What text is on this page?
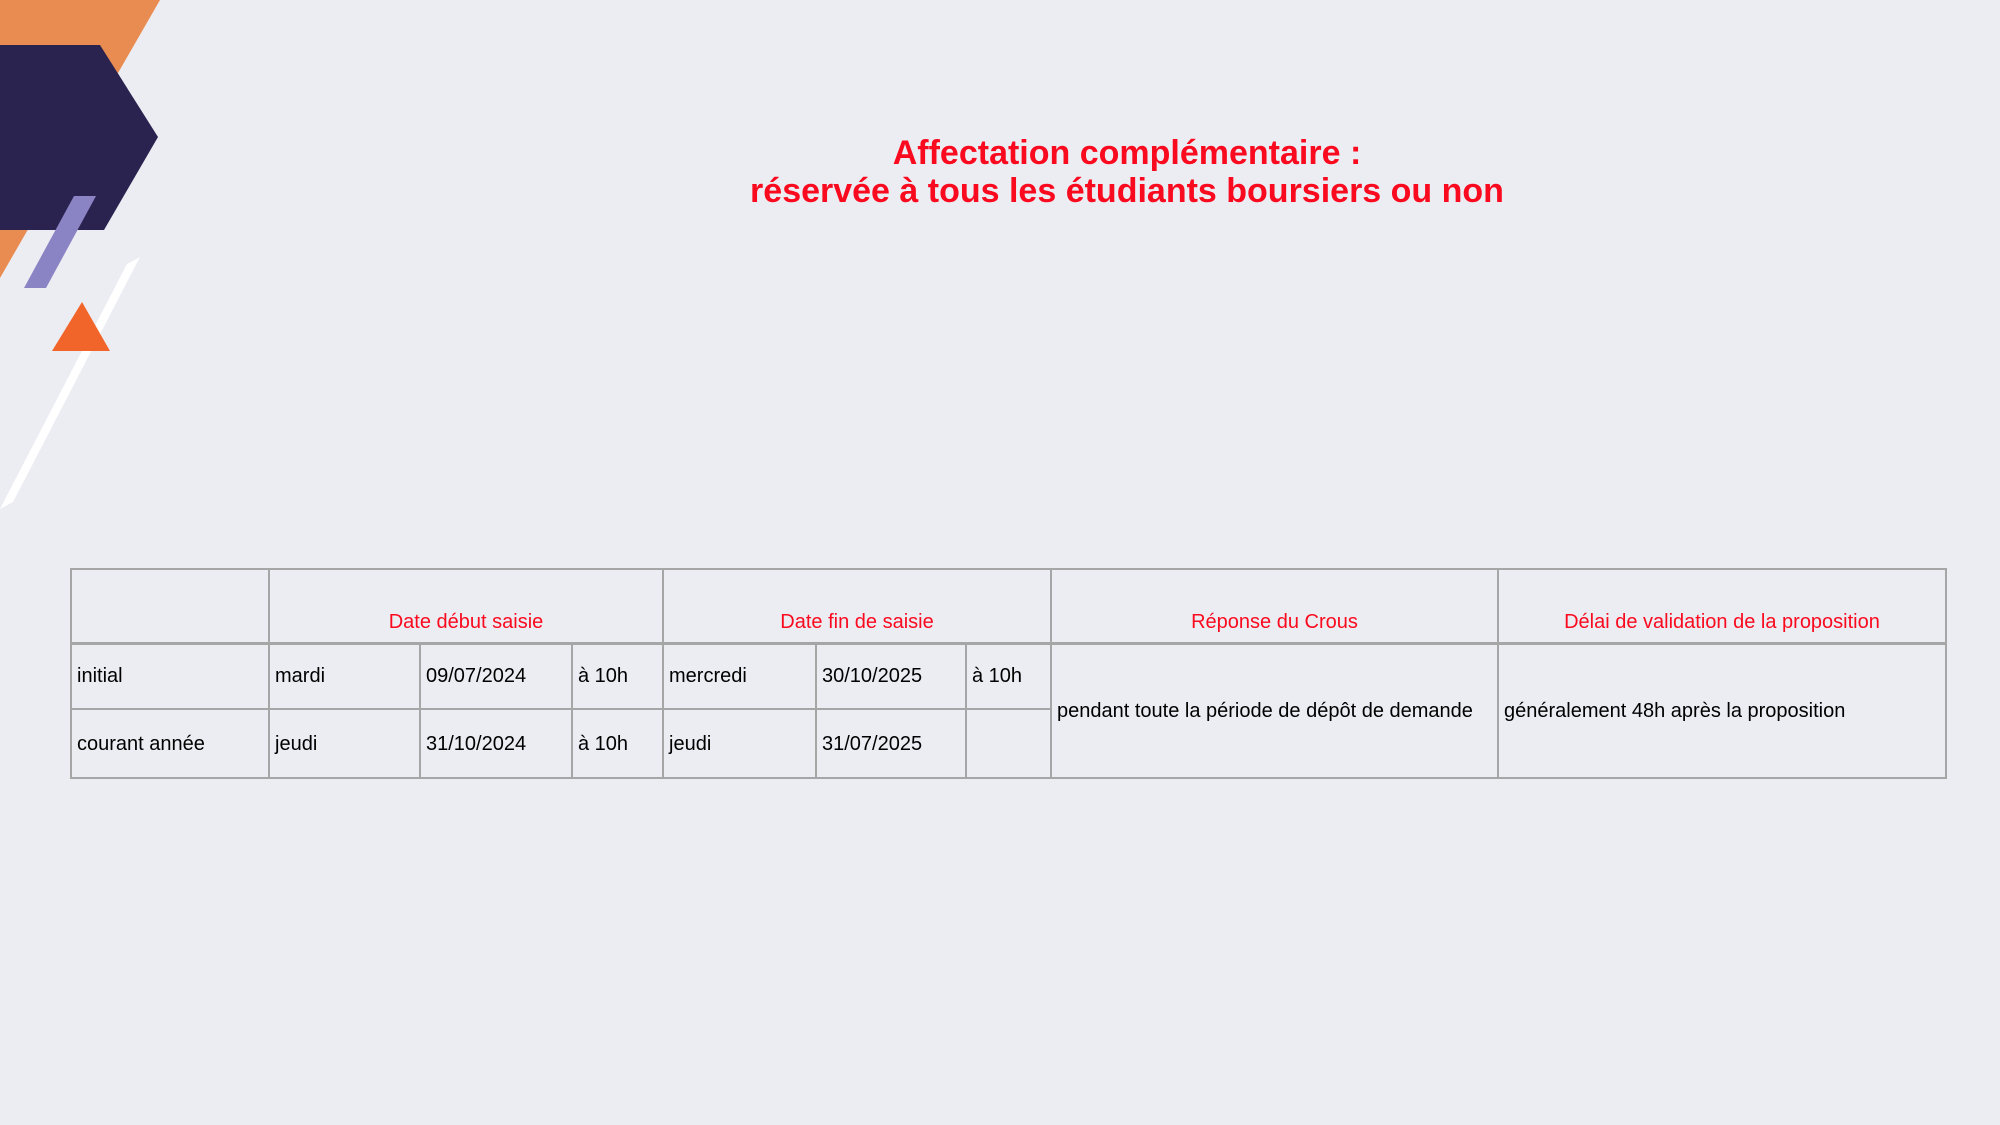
Affectation complémentaire :
réservée à tous les étudiants boursiers ou non
	Date début saisie			Date fin de saisie			Réponse du Crous	Délai de validation de la proposition
initial	mardi	09/07/2024	à 10h	mercredi	30/10/2025	à 10h	pendant toute la période de dépôt de demande	généralement 48h après la proposition
courant année	jeudi	31/10/2024	à 10h	jeudi	31/07/2025			
